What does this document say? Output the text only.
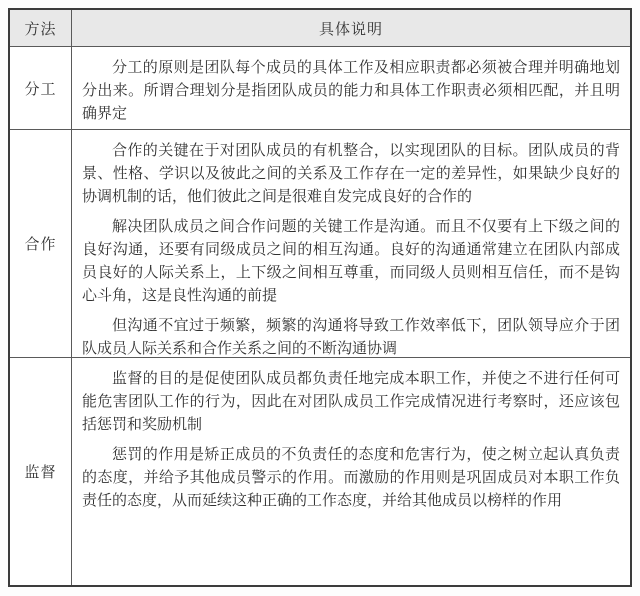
方法	具体说明
分工

分工的原则是团队每个成员的具体工作及相应职责都必须被合理并明确地划分出来。所谓合理划分是指团队成员的能力和具体工作职责必须相匹配，并且明确界定

合作

合作的关键在于对团队成员的有机整合，以实现团队的目标。团队成员的背景、性格、学识以及彼此之间的关系及工作存在一定的差异性，如果缺少良好的协调机制的话，他们彼此之间是很难自发完成良好的合作的

解决团队成员之间合作问题的关键工作是沟通。而且不仅要有上下级之间的良好沟通，还要有同级成员之间的相互沟通。良好的沟通通常建立在团队内部成员良好的人际关系上，上下级之间相互尊重，而同级人员则相互信任，而不是钩心斗角，这是良性沟通的前提

但沟通不宜过于频繁，频繁的沟通将导致工作效率低下，团队领导应介于团队成员人际关系和合作关系之间的不断沟通协调

监督

监督的目的是促使团队成员都负责任地完成本职工作，并使之不进行任何可能危害团队工作的行为，因此在对团队成员工作完成情况进行考察时，还应该包括惩罚和奖励机制

惩罚的作用是矫正成员的不负责任的态度和危害行为，使之树立起认真负责的态度，并给予其他成员警示的作用。而激励的作用则是巩固成员对本职工作负责任的态度，从而延续这种正确的工作态度，并给其他成员以榜样的作用
